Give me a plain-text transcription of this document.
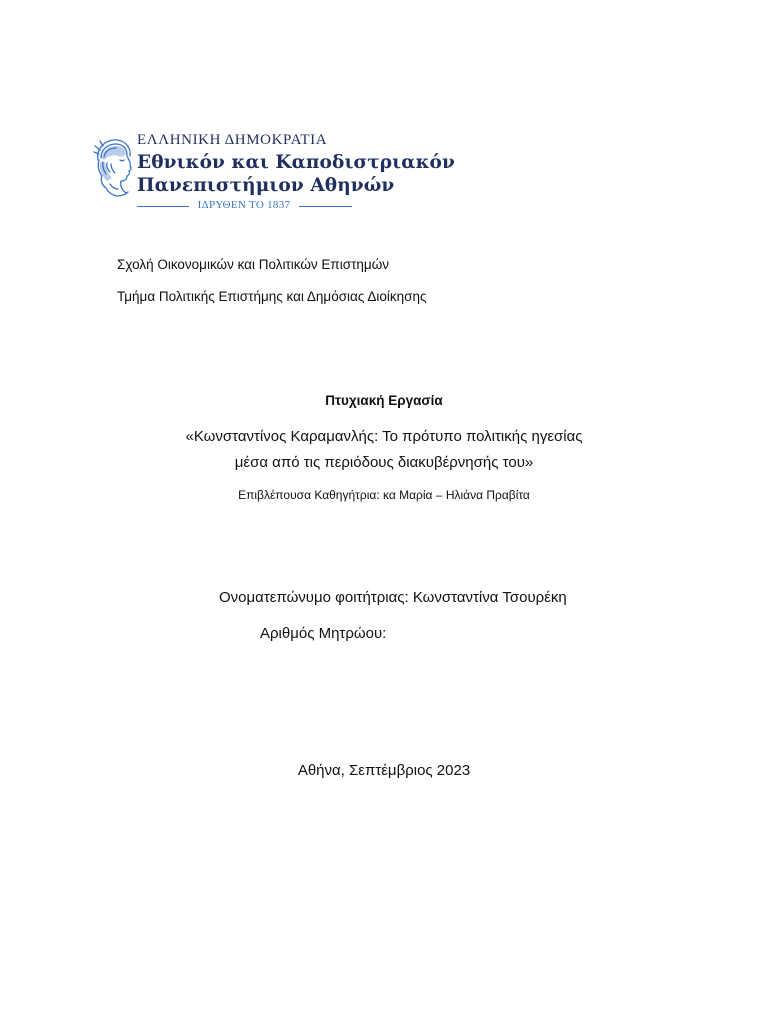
ΕΛΛΗΝΙΚΗ ΔΗΜΟΚΡΑΤΙΑ
Εθνικόν και Καποδιστριακόν
Πανεπιστήμιον Αθηνών
ΙΔΡΥΘΕΝ ΤΟ 1837
Σχολή Οικονομικών και Πολιτικών Επιστημών
Τμήμα Πολιτικής Επιστήμης και Δημόσιας Διοίκησης
Πτυχιακή Εργασία
«Κωνσταντίνος Καραμανλής: Το πρότυπο πολιτικής ηγεσίας
μέσα από τις περιόδους διακυβέρνησής του»
Επιβλέπουσα Καθηγήτρια: κα Μαρία – Ηλιάνα Πραβίτα
Ονοματεπώνυμο φοιτήτριας: Κωνσταντίνα Τσουρέκη
Αριθμός Μητρώου:
Αθήνα, Σεπτέμβριος 2023
